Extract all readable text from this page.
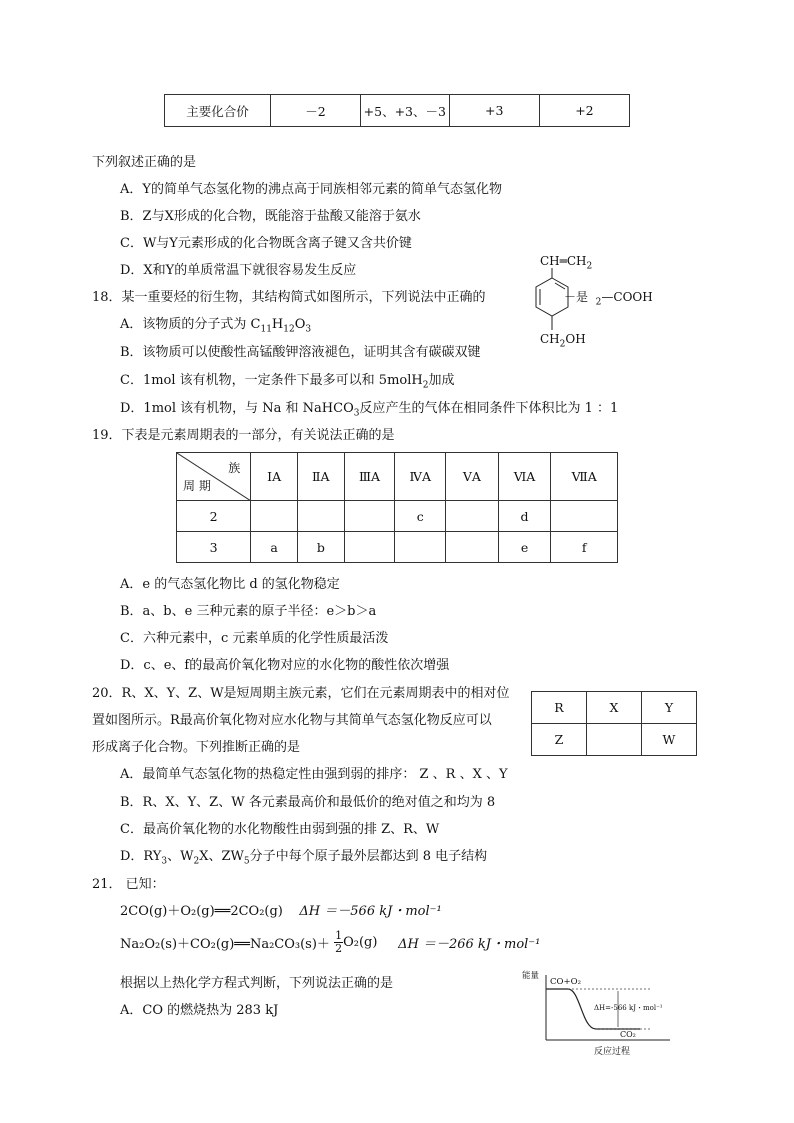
主要化合价	－2	+5、+3、－3	+3	+2
下列叙述正确的是
A．Y的简单气态氢化物的沸点高于同族相邻元素的简单气态氢化物
B．Z与X形成的化合物，既能溶于盐酸又能溶于氨水
C．W与Y元素形成的化合物既含离子键又含共价键
D．X和Y的单质常温下就很容易发生反应
18．某一重要烃的衍生物，其结构简式如图所示，下列说法中正确的
A．该物质的分子式为 $C_{11}H_{12}O_3$
B．该物质可以使酸性高锰酸钾溶液褪色，证明其含有碳碳双键
C．1mol 该有机物，一定条件下最多可以和 5molH$_2$加成
D．1mol 该有机物，与 Na 和 NaHCO$_3$反应产生的气体在相同条件下体积比为 1 ：1
$CH═CH_2$
－是 $_2$—COOH
$CH_2OH$
19．下表是元素周期表的一部分，有关说法正确的是
族
周 期	IA	ⅡA	ⅢA	ⅣA	ⅤA	ⅥA	ⅦA
2				c		d	
3	a	b				e	f
A．e 的气态氢化物比 d 的氢化物稳定
B．a、b、e 三种元素的原子半径：e＞b＞a
C．六种元素中，c 元素单质的化学性质最活泼
D．c、e、f的最高价氧化物对应的水化物的酸性依次增强
20．R、X、Y、Z、W是短周期主族元素，它们在元素周期表中的相对位
置如图所示。R最高价氧化物对应水化物与其简单气态氢化物反应可以
形成离子化合物。下列推断正确的是
R	X	Y
Z		W
A．最简单气态氢化物的热稳定性由强到弱的排序： Z 、R 、X 、Y
B．R、X、Y、Z、W 各元素最高价和最低价的绝对值之和均为 8
C．最高价氧化物的水化物酸性由弱到强的排 Z、R、W
D．$RY_3$、$W_2X$、$ZW_5$分子中每个原子最外层都达到 8 电子结构
21． 已知：
2CO(g)＋O₂(g)══2CO₂(g) ΔH ＝－566 kJ・mol⁻¹
Na₂O₂(s)＋CO₂(g)══Na₂CO₃(s)＋ $\frac{1}{2} O_2(g)$ ΔH ＝－266 kJ・mol⁻¹
根据以上热化学方程式判断，下列说法正确的是
A．CO 的燃烧热为 283 kJ
能量
CO+O₂
ΔH=-566 kJ・mol⁻¹
CO₂
反应过程
